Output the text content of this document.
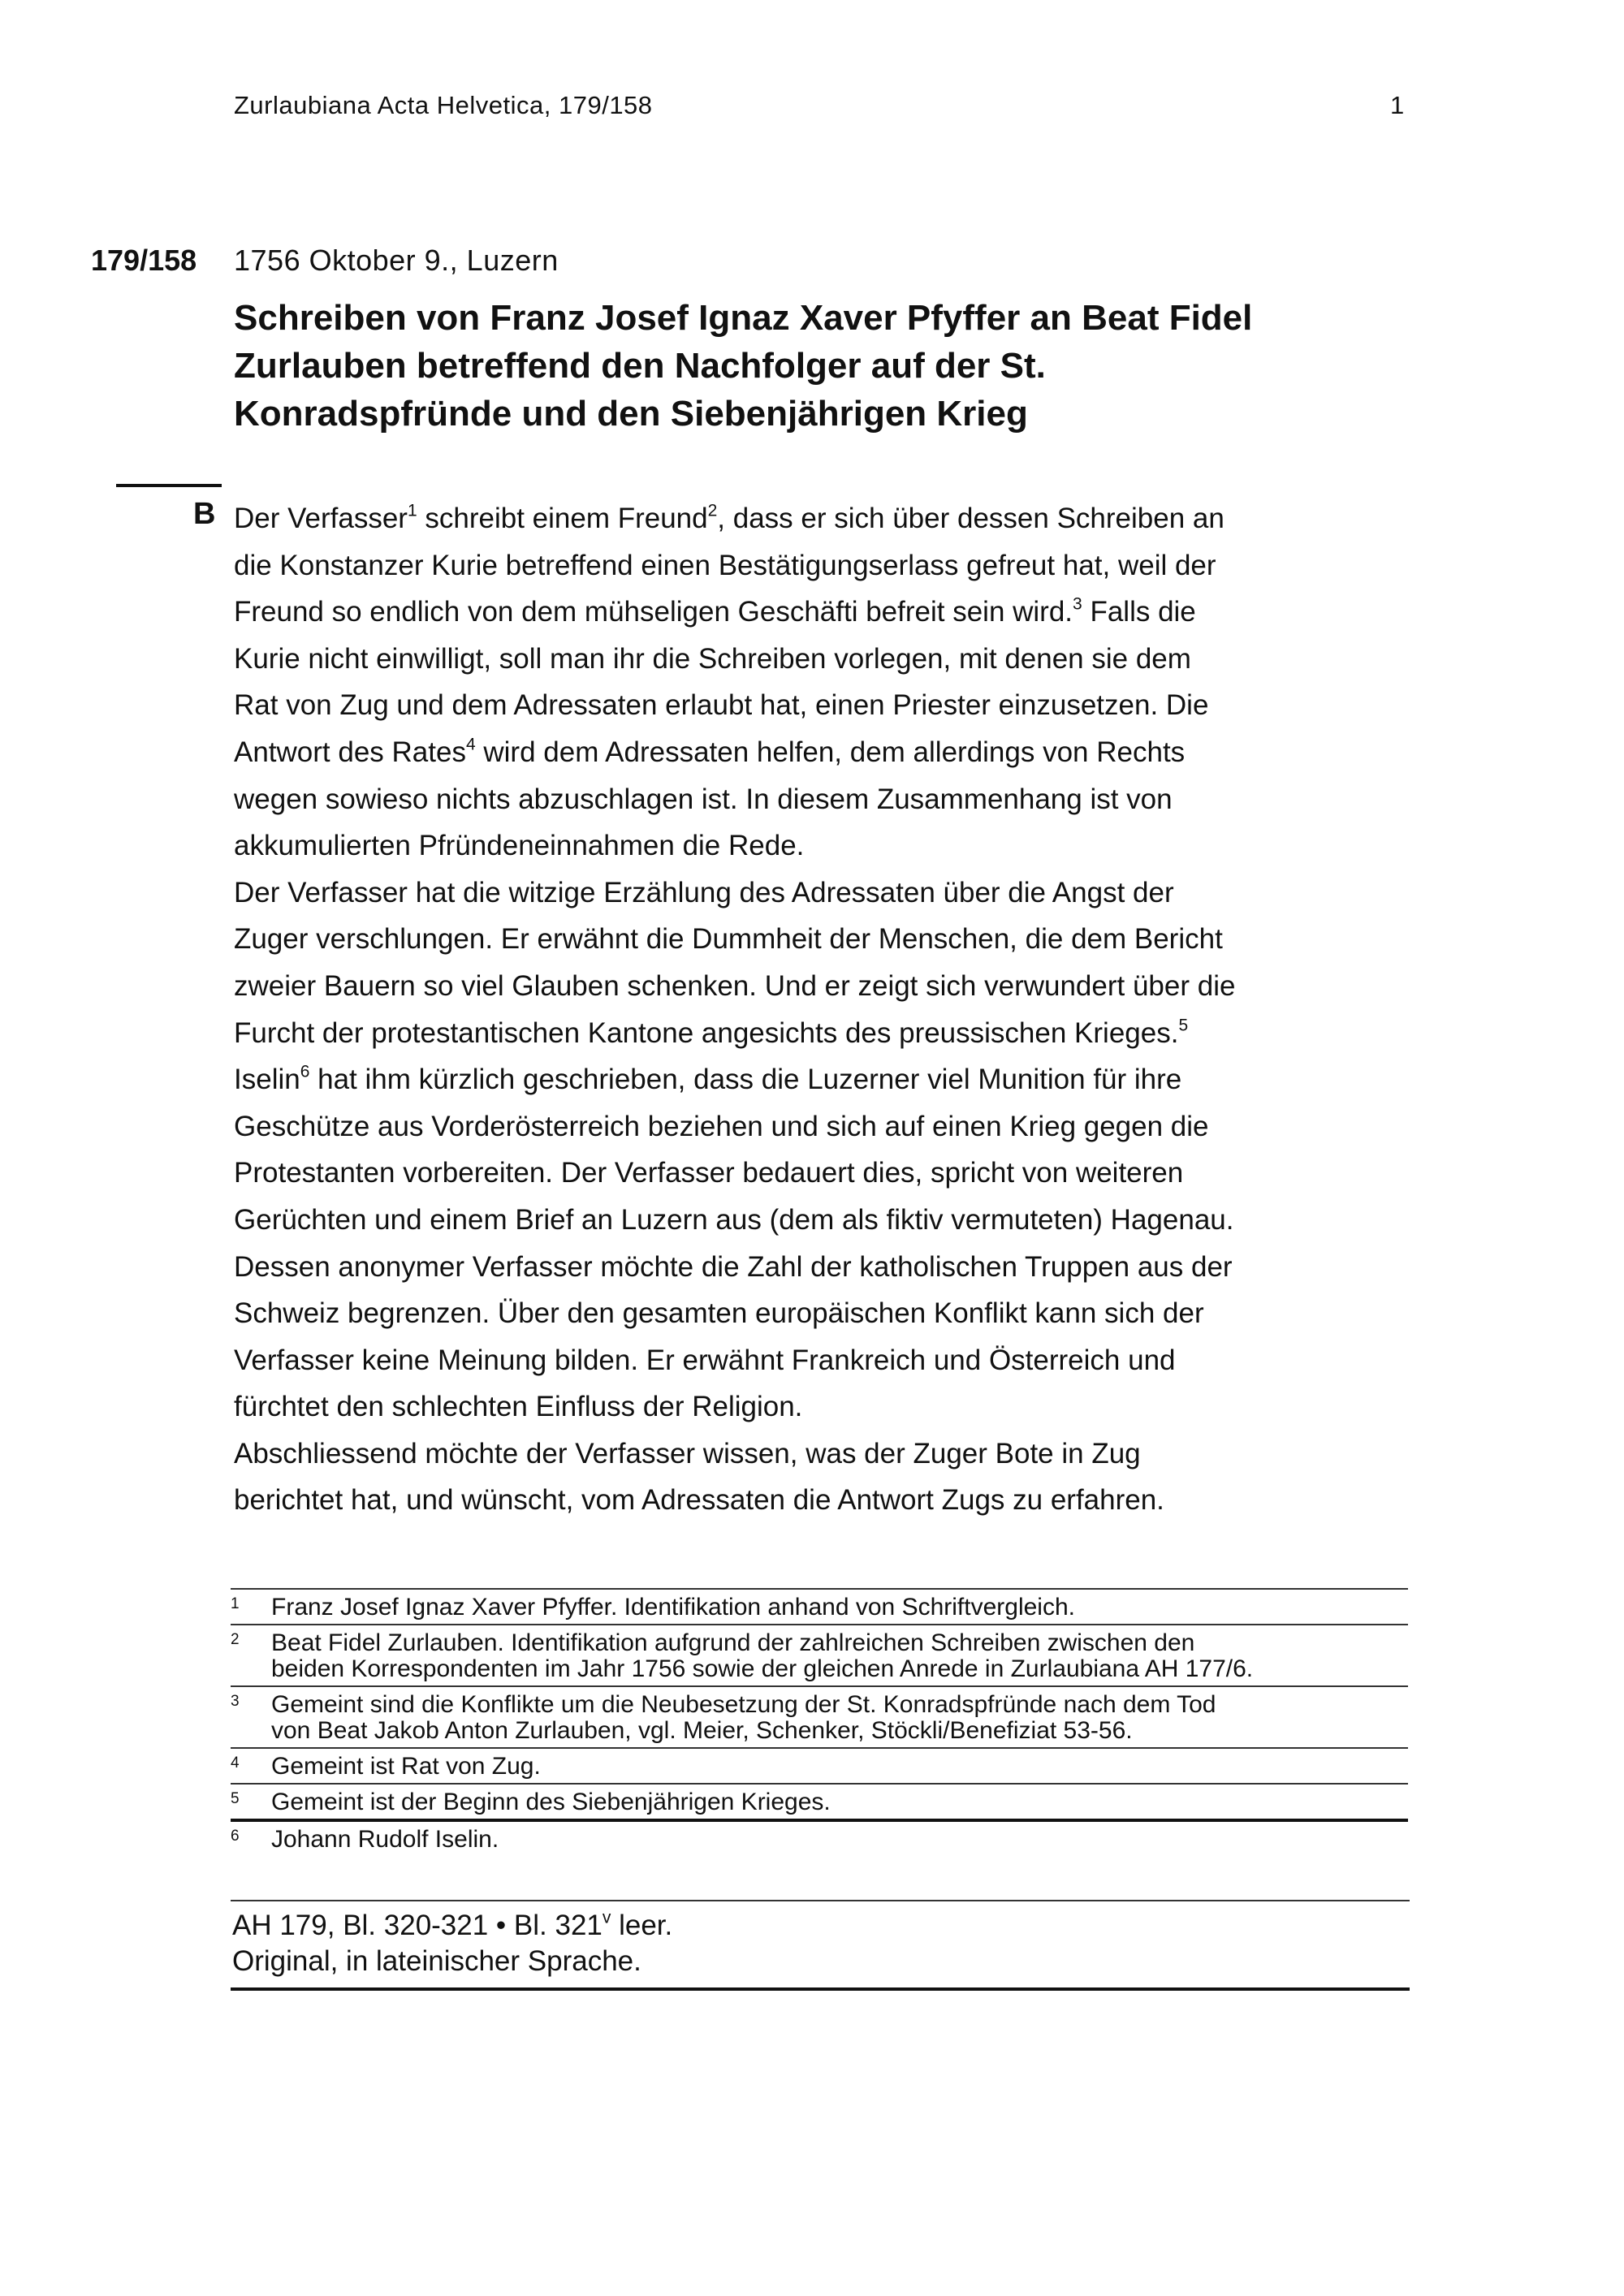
Zurlaubiana Acta Helvetica, 179/158	1
179/158 1756 Oktober 9., Luzern
Schreiben von Franz Josef Ignaz Xaver Pfyffer an Beat Fidel
Zurlauben betreffend den Nachfolger auf der St.
Konradspfründe und den Siebenjährigen Krieg
B Der Verfasser$^1$ schreibt einem Freund$^2$, dass er sich über dessen Schreiben an
die Konstanzer Kurie betreffend einen Bestätigungserlass gefreut hat, weil der
Freund so endlich von dem mühseligen Geschäfti befreit sein wird.$^3$ Falls die
Kurie nicht einwilligt, soll man ihr die Schreiben vorlegen, mit denen sie dem
Rat von Zug und dem Adressaten erlaubt hat, einen Priester einzusetzen. Die
Antwort des Rates$^4$ wird dem Adressaten helfen, dem allerdings von Rechts
wegen sowieso nichts abzuschlagen ist. In diesem Zusammenhang ist von
akkumulierten Pfründeneinnahmen die Rede.
Der Verfasser hat die witzige Erzählung des Adressaten über die Angst der
Zuger verschlungen. Er erwähnt die Dummheit der Menschen, die dem Bericht
zweier Bauern so viel Glauben schenken. Und er zeigt sich verwundert über die
Furcht der protestantischen Kantone angesichts des preussischen Krieges.$^5$
Iselin$^6$ hat ihm kürzlich geschrieben, dass die Luzerner viel Munition für ihre
Geschütze aus Vorderösterreich beziehen und sich auf einen Krieg gegen die
Protestanten vorbereiten. Der Verfasser bedauert dies, spricht von weiteren
Gerüchten und einem Brief an Luzern aus (dem als fiktiv vermuteten) Hagenau.
Dessen anonymer Verfasser möchte die Zahl der katholischen Truppen aus der
Schweiz begrenzen. Über den gesamten europäischen Konflikt kann sich der
Verfasser keine Meinung bilden. Er erwähnt Frankreich und Österreich und
fürchtet den schlechten Einfluss der Religion.
Abschliessend möchte der Verfasser wissen, was der Zuger Bote in Zug
berichtet hat, und wünscht, vom Adressaten die Antwort Zugs zu erfahren.
1	Franz Josef Ignaz Xaver Pfyffer. Identifikation anhand von Schriftvergleich.
2	Beat Fidel Zurlauben. Identifikation aufgrund der zahlreichen Schreiben zwischen den
beiden Korrespondenten im Jahr 1756 sowie der gleichen Anrede in Zurlaubiana AH 177/6.
3	Gemeint sind die Konflikte um die Neubesetzung der St. Konradspfründe nach dem Tod
von Beat Jakob Anton Zurlauben, vgl. Meier, Schenker, Stöckli/Benefiziat 53-56.
4	Gemeint ist Rat von Zug.
5	Gemeint ist der Beginn des Siebenjährigen Krieges.
6	Johann Rudolf Iselin.
AH 179, Bl. 320-321 • Bl. 321$^v$ leer.
Original, in lateinischer Sprache.
